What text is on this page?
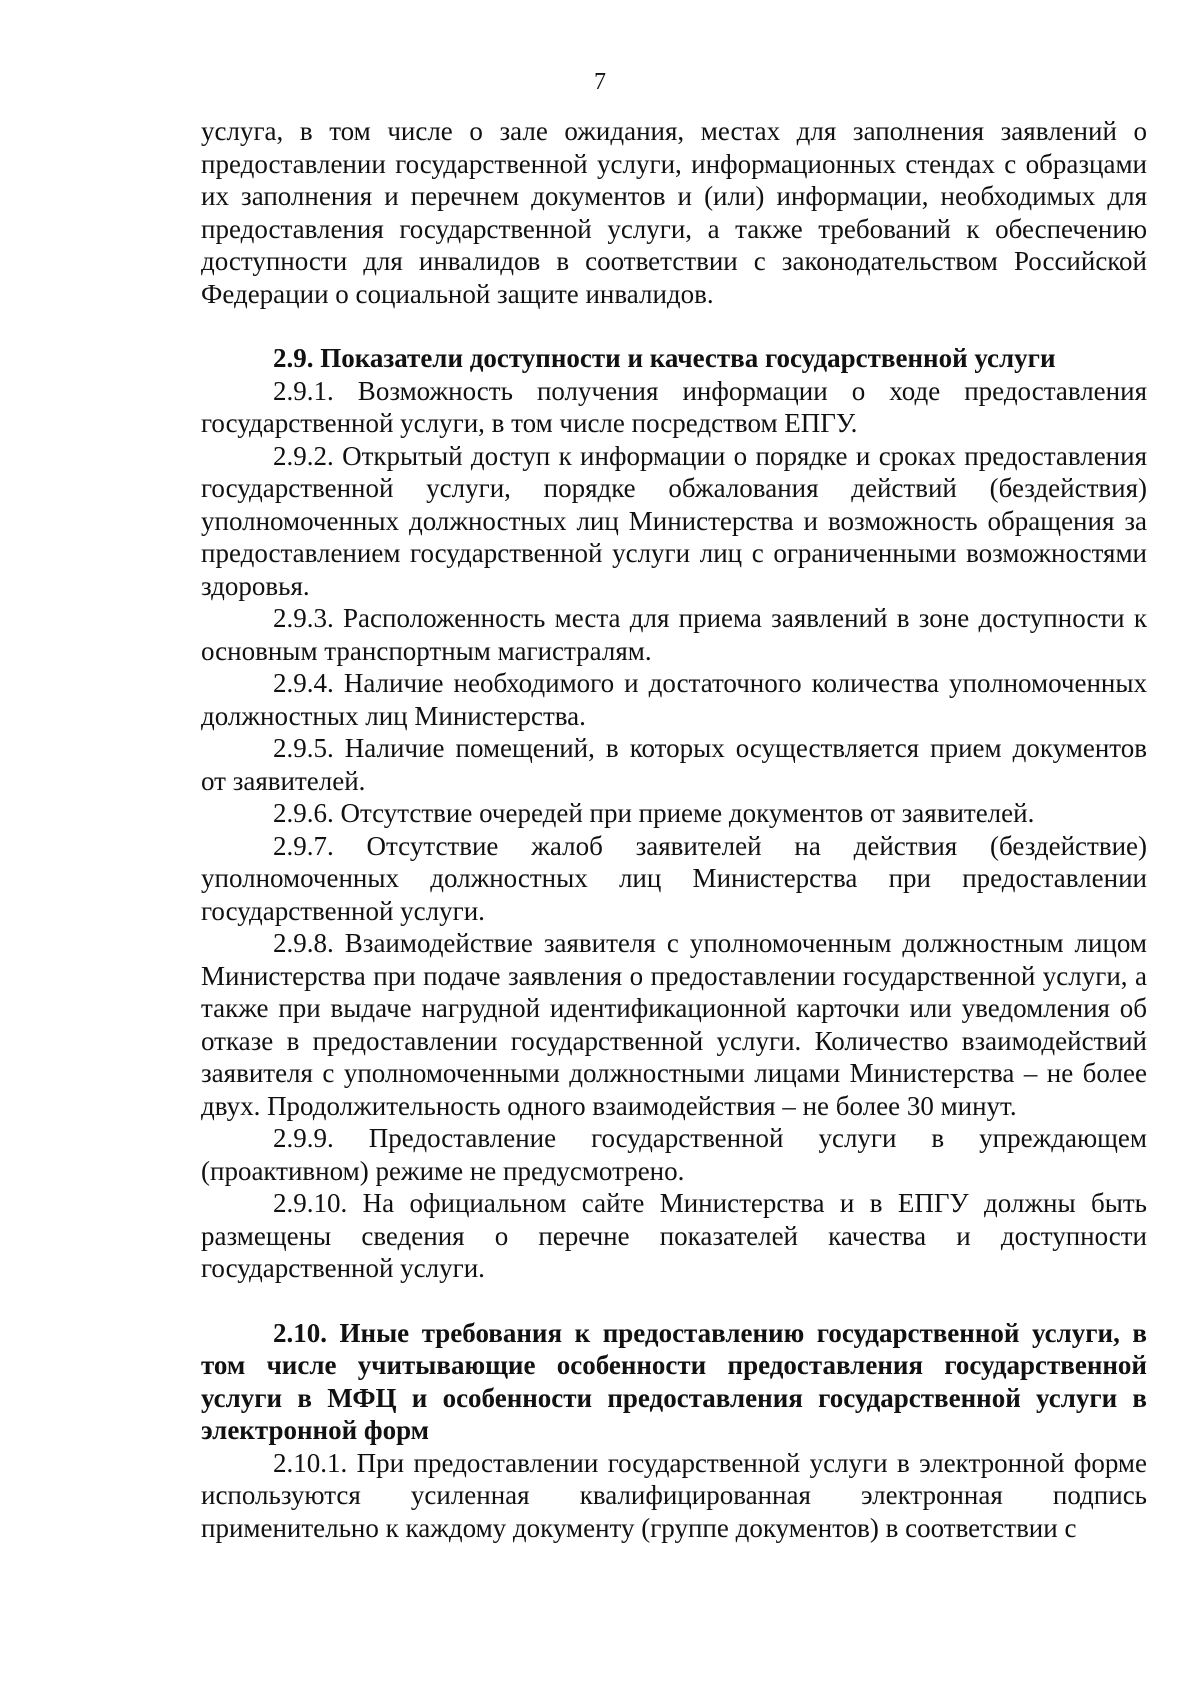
7

услуга, в том числе о зале ожидания, местах для заполнения заявлений о предоставлении государственной услуги, информационных стендах с образцами их заполнения и перечнем документов и (или) информации, необходимых для предоставления государственной услуги, а также требований к обеспечению доступности для инвалидов в соответствии с законодательством Российской Федерации о социальной защите инвалидов.

2.9. Показатели доступности и качества государственной услуги

2.9.1. Возможность получения информации о ходе предоставления государственной услуги, в том числе посредством ЕПГУ.

2.9.2. Открытый доступ к информации о порядке и сроках предоставления государственной услуги, порядке обжалования действий (бездействия) уполномоченных должностных лиц Министерства и возможность обращения за предоставлением государственной услуги лиц с ограниченными возможностями здоровья.

2.9.3. Расположенность места для приема заявлений в зоне доступности к основным транспортным магистралям.

2.9.4. Наличие необходимого и достаточного количества уполномоченных должностных лиц Министерства.

2.9.5. Наличие помещений, в которых осуществляется прием документов от заявителей.

2.9.6. Отсутствие очередей при приеме документов от заявителей.

2.9.7. Отсутствие жалоб заявителей на действия (бездействие) уполномоченных должностных лиц Министерства при предоставлении государственной услуги.

2.9.8. Взаимодействие заявителя с уполномоченным должностным лицом Министерства при подаче заявления о предоставлении государственной услуги, а также при выдаче нагрудной идентификационной карточки или уведомления об отказе в предоставлении государственной услуги. Количество взаимодействий заявителя с уполномоченными должностными лицами Министерства – не более двух. Продолжительность одного взаимодействия – не более 30 минут.

2.9.9. Предоставление государственной услуги в упреждающем (проактивном) режиме не предусмотрено.

2.9.10. На официальном сайте Министерства и в ЕПГУ должны быть размещены сведения о перечне показателей качества и доступности государственной услуги.

2.10. Иные требования к предоставлению государственной услуги, в том числе учитывающие особенности предоставления государственной услуги в МФЦ и особенности предоставления государственной услуги в электронной форм

2.10.1. При предоставлении государственной услуги в электронной форме используются усиленная квалифицированная электронная подпись применительно к каждому документу (группе документов) в соответствии с
